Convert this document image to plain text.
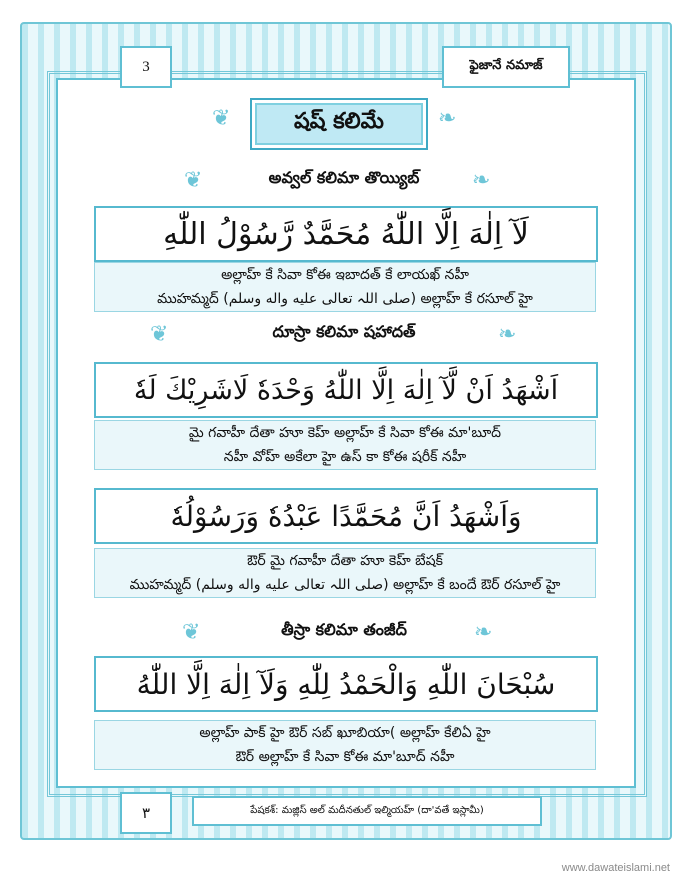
3	ఫైజానే నమాజ్
షష్ కలిమే
❦	❧
అవ్వల్ కలిమా తొయ్యిబ్
❦	❧
لَآ اِلٰهَ اِلَّا اللّٰهُ مُحَمَّدٌ رَّسُوْلُ اللّٰهِ
అల్లాహ్ కే సివా కోఈ ఇబాదత్ కే లాయఖ్ నహీ
ముహమ్మద్ (صلی اللہ تعالی علیه واله وسلم) అల్లాహ్ కే రసూల్ హై
దూస్రా కలిమా షహాదత్
❦	❧
اَشْهَدُ اَنْ لَّآ اِلٰهَ اِلَّا اللّٰهُ وَحْدَهٗ لَاشَرِيْكَ لَهٗ
మై గవాహీ దేతా హూ కెహ్ అల్లాహ్ కే సివా కోఈ మా'బూద్
నహీ వోహ్ అకేలా హై ఉస్ కా కోఈ షరీక్ నహీ
وَاَشْهَدُ اَنَّ مُحَمَّدًا عَبْدُهٗ وَرَسُوْلُهٗ
ఔర్ మై గవాహీ దేతా హూ కెహ్ బేషక్
ముహమ్మద్ (صلی اللہ تعالی علیه واله وسلم) అల్లాహ్ కే బందే ఔర్ రసూల్ హై
తీస్రా కలిమా తంజీద్
❦	❧
سُبْحَانَ اللّٰهِ وَالْحَمْدُ لِلّٰهِ وَلَآ اِلٰهَ اِلَّا اللّٰهُ
అల్లాహ్ పాక్ హై ఔర్ సబ్ ఖూబియా( అల్లాహ్ కేలిఏ హై
ఔర్ అల్లాహ్ కే సివా కోఈ మా'బూద్ నహీ
٣	పేషకశ్: మజ్లిస్ అల్ మదీనతుల్ ఇల్మియహ్ (దా'వతే ఇస్లామీ)
www.dawateislami.net
